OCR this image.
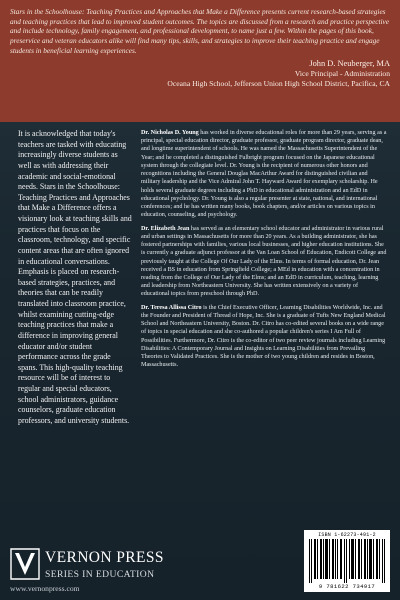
Stars in the Schoolhouse: Teaching Practices and Approaches that Make a Difference presents current research-based strategies and teaching practices that lead to improved student outcomes. The topics are discussed from a research and practice perspective and include technology, family engagement, and professional development, to name just a few. Within the pages of this book, preservice and veteran educators alike will find many tips, skills, and strategies to improve their teaching practice and engage students in beneficial learning experiences.

John D. Neuberger, MA
Vice Principal - Administration
Oceana High School, Jefferson Union High School District, Pacifica, CA

It is acknowledged that today's teachers are tasked with educating increasingly diverse students as well as with addressing their academic and social-emotional needs. Stars in the Schoolhouse: Teaching Practices and Approaches that Make a Difference offers a visionary look at teaching skills and practices that focus on the classroom, technology, and specific content areas that are often ignored in educational conversations. Emphasis is placed on research-based strategies, practices, and theories that can be readily translated into classroom practice, whilst examining cutting-edge teaching practices that make a difference in improving general educator and/or student performance across the grade spans. This high-quality teaching resource will be of interest to regular and special educators, school administrators, guidance counselors, graduate education professors, and university students.

Dr. Nicholas D. Young has worked in diverse educational roles for more than 29 years, serving as a principal, special education director, graduate professor, graduate program director, graduate dean, and longtime superintendent of schools. He was named the Massachusetts Superintendent of the Year; and he completed a distinguished Fulbright program focused on the Japanese educational system through the collegiate level. Dr. Young is the recipient of numerous other honors and recognitions including the General Douglas MacArthur Award for distinguished civilian and military leadership and the Vice Admiral John T. Hayward Award for exemplary scholarship. He holds several graduate degrees including a PhD in educational administration and an EdD in educational psychology. Dr. Young is also a regular presenter at state, national, and international conferences; and he has written many books, book chapters, and/or articles on various topics in education, counseling, and psychology.

Dr. Elizabeth Jean has served as an elementary school educator and administrator in various rural and urban settings in Massachusetts for more than 20 years. As a building administrator, she has fostered partnerships with families, various local businesses, and higher education institutions. She is currently a graduate adjunct professor at the Van Loan School of Education, Endicott College and previously taught at the College Of Our Lady of the Elms. In terms of formal education, Dr. Jean received a BS in education from Springfield College; a MEd in education with a concentration in reading from the College of Our Lady of the Elms; and an EdD in curriculum, teaching, learning and leadership from Northeastern University. She has written extensively on a variety of educational topics from preschool through PhD.

Dr. Teresa Allissa Citro is the Chief Executive Officer, Learning Disabilities Worldwide, Inc. and the Founder and President of Thread of Hope, Inc. She is a graduate of Tufts New England Medical School and Northeastern University, Boston. Dr. Citro has co-edited several books on a wide range of topics in special education and she co-authored a popular children's series I Am Full of Possibilities. Furthermore, Dr. Citro is the co-editor of two peer review journals including Learning Disabilities: A Contemporary Journal and Insights on Learning Disabilities from Prevailing Theories to Validated Practices. She is the mother of two young children and resides in Boston, Massachusetts.

VERNON PRESS
SERIES IN EDUCATION
www.vernonpress.com
ISBN 1-62273-491-2
9 781622 734917
